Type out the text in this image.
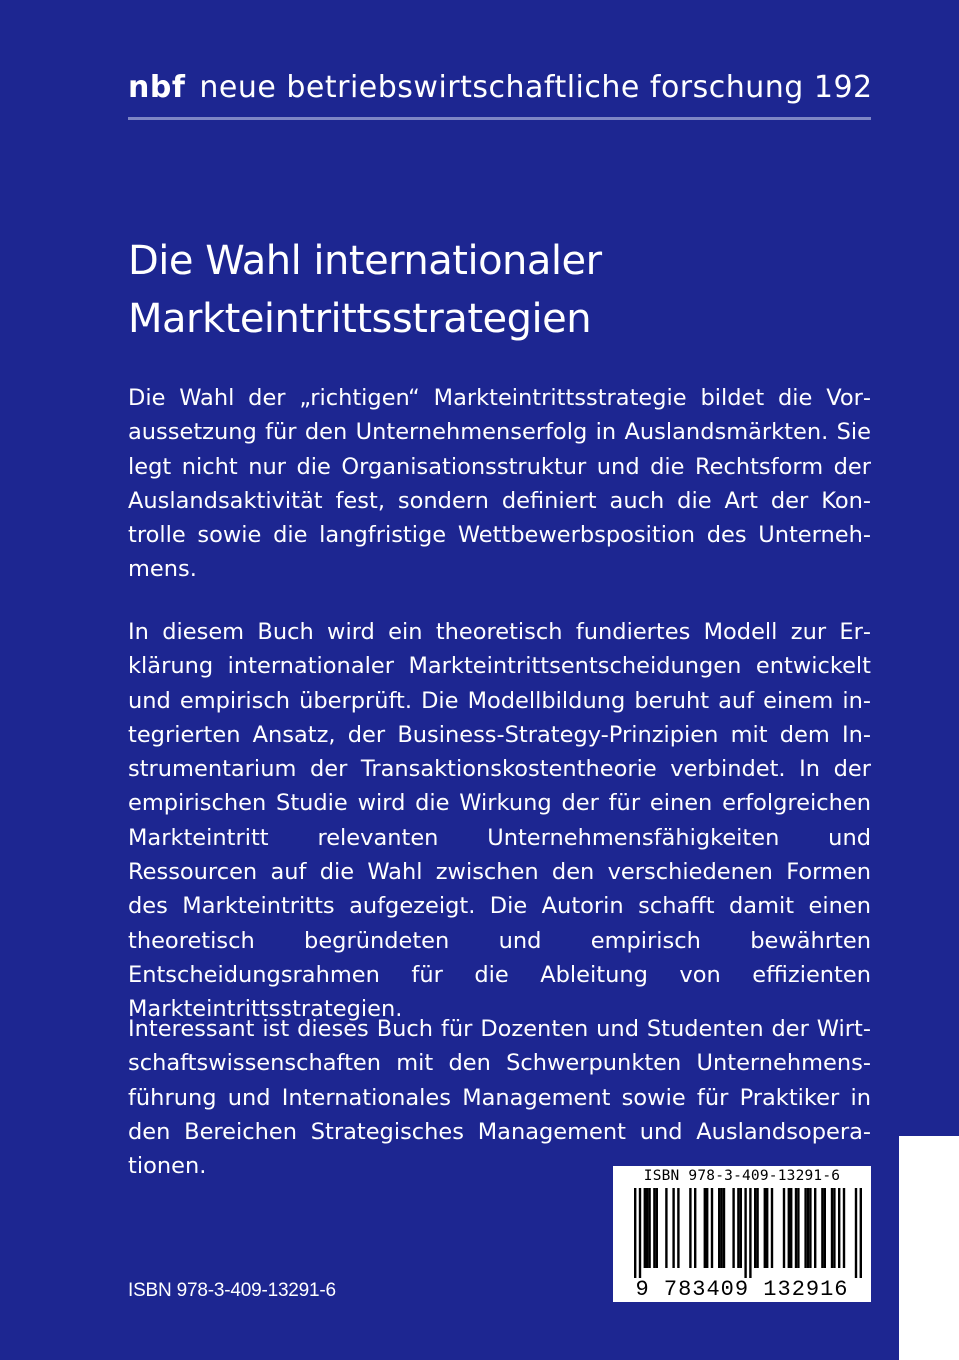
nbf neue betriebswirtschaftliche forschung 192
Die Wahl internationaler
Markteintrittsstrategien
Die Wahl der „richtigen“ Markteintrittsstrategie bildet die Voraussetzung für den Unternehmenserfolg in Auslandsmärkten. Sie legt nicht nur die Organisationsstruktur und die Rechtsform der Auslandsaktivität fest, sondern definiert auch die Art der Kontrolle sowie die langfristige Wettbewerbsposition des Unternehmens.
In diesem Buch wird ein theoretisch fundiertes Modell zur Erklärung internationaler Markteintrittsentscheidungen entwickelt und empirisch überprüft. Die Modellbildung beruht auf einem integrierten Ansatz, der Business-Strategy-Prinzipien mit dem Instrumentarium der Transaktionskostentheorie verbindet. In der empirischen Studie wird die Wirkung der für einen erfolgreichen Markteintritt relevanten Unternehmensfähigkeiten und Ressourcen auf die Wahl zwischen den verschiedenen Formen des Markteintritts aufgezeigt. Die Autorin schafft damit einen theoretisch begründeten und empirisch bewährten Entscheidungsrahmen für die Ableitung von effizienten Markteintrittsstrategien.
Interessant ist dieses Buch für Dozenten und Studenten der Wirtschaftswissenschaften mit den Schwerpunkten Unternehmensführung und Internationales Management sowie für Praktiker in den Bereichen Strategisches Management und Auslandsoperationen.
ISBN 978-3-409-13291-6
ISBN 978-3-409-13291-6
9 783409 132916
